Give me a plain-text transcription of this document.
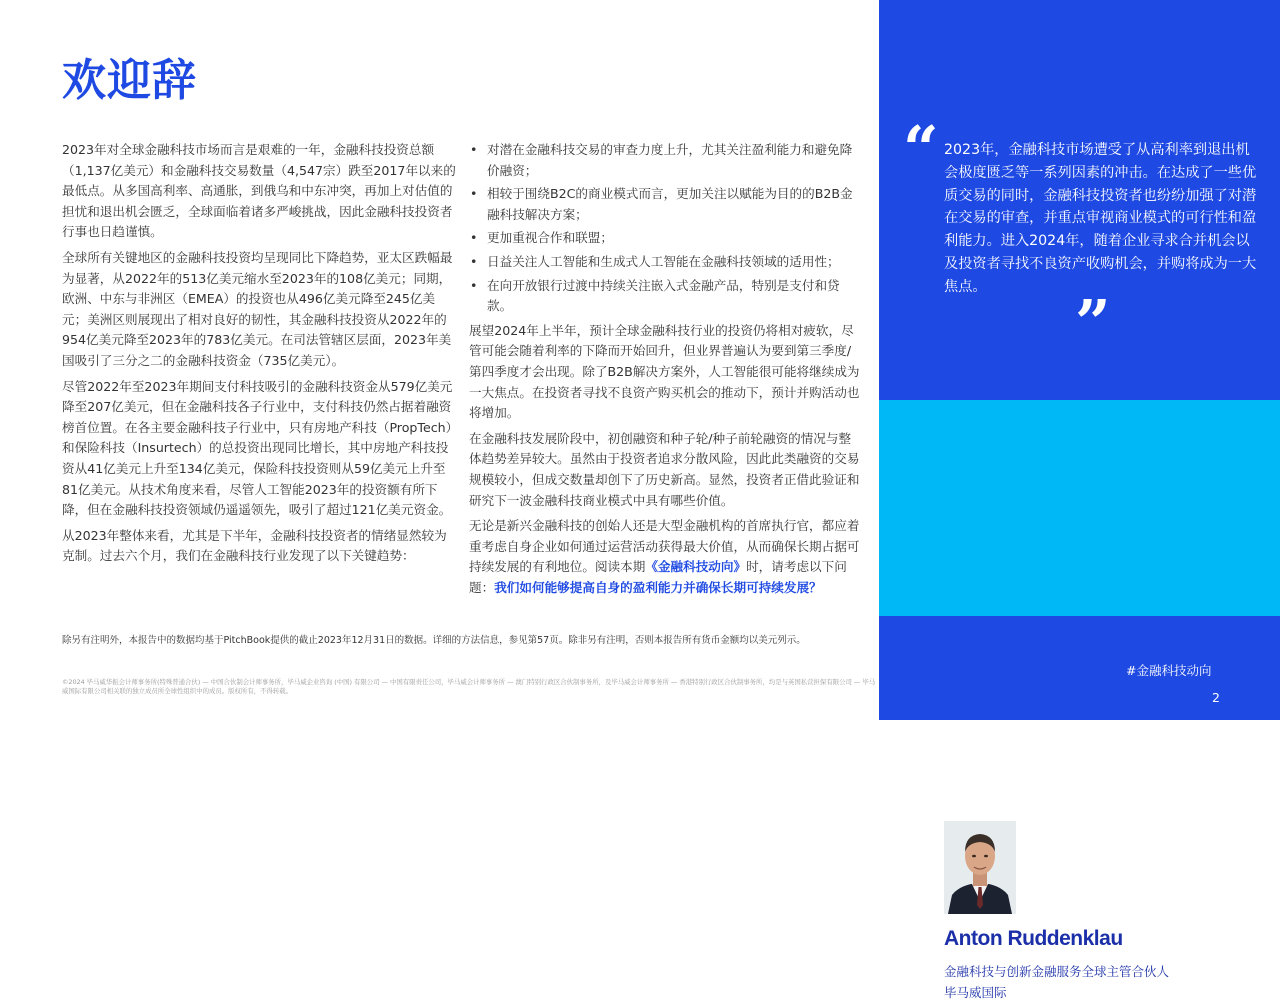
欢迎辞

2023年对全球金融科技市场而言是艰难的一年，金融科技投资总额（1,137亿美元）和金融科技交易数量（4,547宗）跌至2017年以来的最低点。从多国高利率、高通胀，到俄乌和中东冲突，再加上对估值的担忧和退出机会匮乏，全球面临着诸多严峻挑战，因此金融科技投资者行事也日趋谨慎。

全球所有关键地区的金融科技投资均呈现同比下降趋势，亚太区跌幅最为显著，从2022年的513亿美元缩水至2023年的108亿美元；同期，欧洲、中东与非洲区（EMEA）的投资也从496亿美元降至245亿美元；美洲区则展现出了相对良好的韧性，其金融科技投资从2022年的954亿美元降至2023年的783亿美元。在司法管辖区层面，2023年美国吸引了三分之二的金融科技资金（735亿美元）。

尽管2022年至2023年期间支付科技吸引的金融科技资金从579亿美元降至207亿美元，但在金融科技各子行业中，支付科技仍然占据着融资榜首位置。在各主要金融科技子行业中，只有房地产科技（PropTech）和保险科技（Insurtech）的总投资出现同比增长，其中房地产科技投资从41亿美元上升至134亿美元，保险科技投资则从59亿美元上升至81亿美元。从技术角度来看，尽管人工智能2023年的投资额有所下降，但在金融科技投资领域仍遥遥领先，吸引了超过121亿美元资金。

从2023年整体来看，尤其是下半年，金融科技投资者的情绪显然较为克制。过去六个月，我们在金融科技行业发现了以下关键趋势：

• 对潜在金融科技交易的审查力度上升，尤其关注盈利能力和避免降价融资；
• 相较于围绕B2C的商业模式而言，更加关注以赋能为目的的B2B金融科技解决方案；
• 更加重视合作和联盟；
• 日益关注人工智能和生成式人工智能在金融科技领域的适用性；
• 在向开放银行过渡中持续关注嵌入式金融产品，特别是支付和贷款。

展望2024年上半年，预计全球金融科技行业的投资仍将相对疲软，尽管可能会随着利率的下降而开始回升，但业界普遍认为要到第三季度/第四季度才会出现。除了B2B解决方案外，人工智能很可能将继续成为一大焦点。在投资者寻找不良资产购买机会的推动下，预计并购活动也将增加。

在金融科技发展阶段中，初创融资和种子轮/种子前轮融资的情况与整体趋势差异较大。虽然由于投资者追求分散风险，因此此类融资的交易规模较小，但成交数量却创下了历史新高。显然，投资者正借此验证和研究下一波金融科技商业模式中具有哪些价值。

无论是新兴金融科技的创始人还是大型金融机构的首席执行官，都应着重考虑自身企业如何通过运营活动获得最大价值，从而确保长期占据可持续发展的有利地位。阅读本期《金融科技动向》时，请考虑以下问题：我们如何能够提高自身的盈利能力并确保长期可持续发展？

除另有注明外，本报告中的数据均基于PitchBook提供的截止2023年12月31日的数据。详细的方法信息，参见第57页。除非另有注明，否则本报告所有货币金额均以美元列示。
©2024 毕马威华振会计师事务所(特殊普通合伙) — 中国合伙制会计师事务所，毕马威企业咨询 (中国) 有限公司 — 中国有限责任公司，毕马威会计师事务所 — 澳门特别行政区合伙制事务所，及毕马威会计师事务所 — 香港特别行政区合伙制事务所，均是与英国私营担保有限公司 — 毕马威国际有限公司相关联的独立成员所全球性组织中的成员。版权所有，不得转载。
“ 2023年，金融科技市场遭受了从高利率到退出机会极度匮乏等一系列因素的冲击。在达成了一些优质交易的同时，金融科技投资者也纷纷加强了对潜在交易的审查，并重点审视商业模式的可行性和盈利能力。进入2024年，随着企业寻求合并机会以及投资者寻找不良资产收购机会，并购将成为一大焦点。	”
Anton Ruddenklau
金融科技与创新金融服务全球主管合伙人
毕马威国际
#金融科技动向
2
